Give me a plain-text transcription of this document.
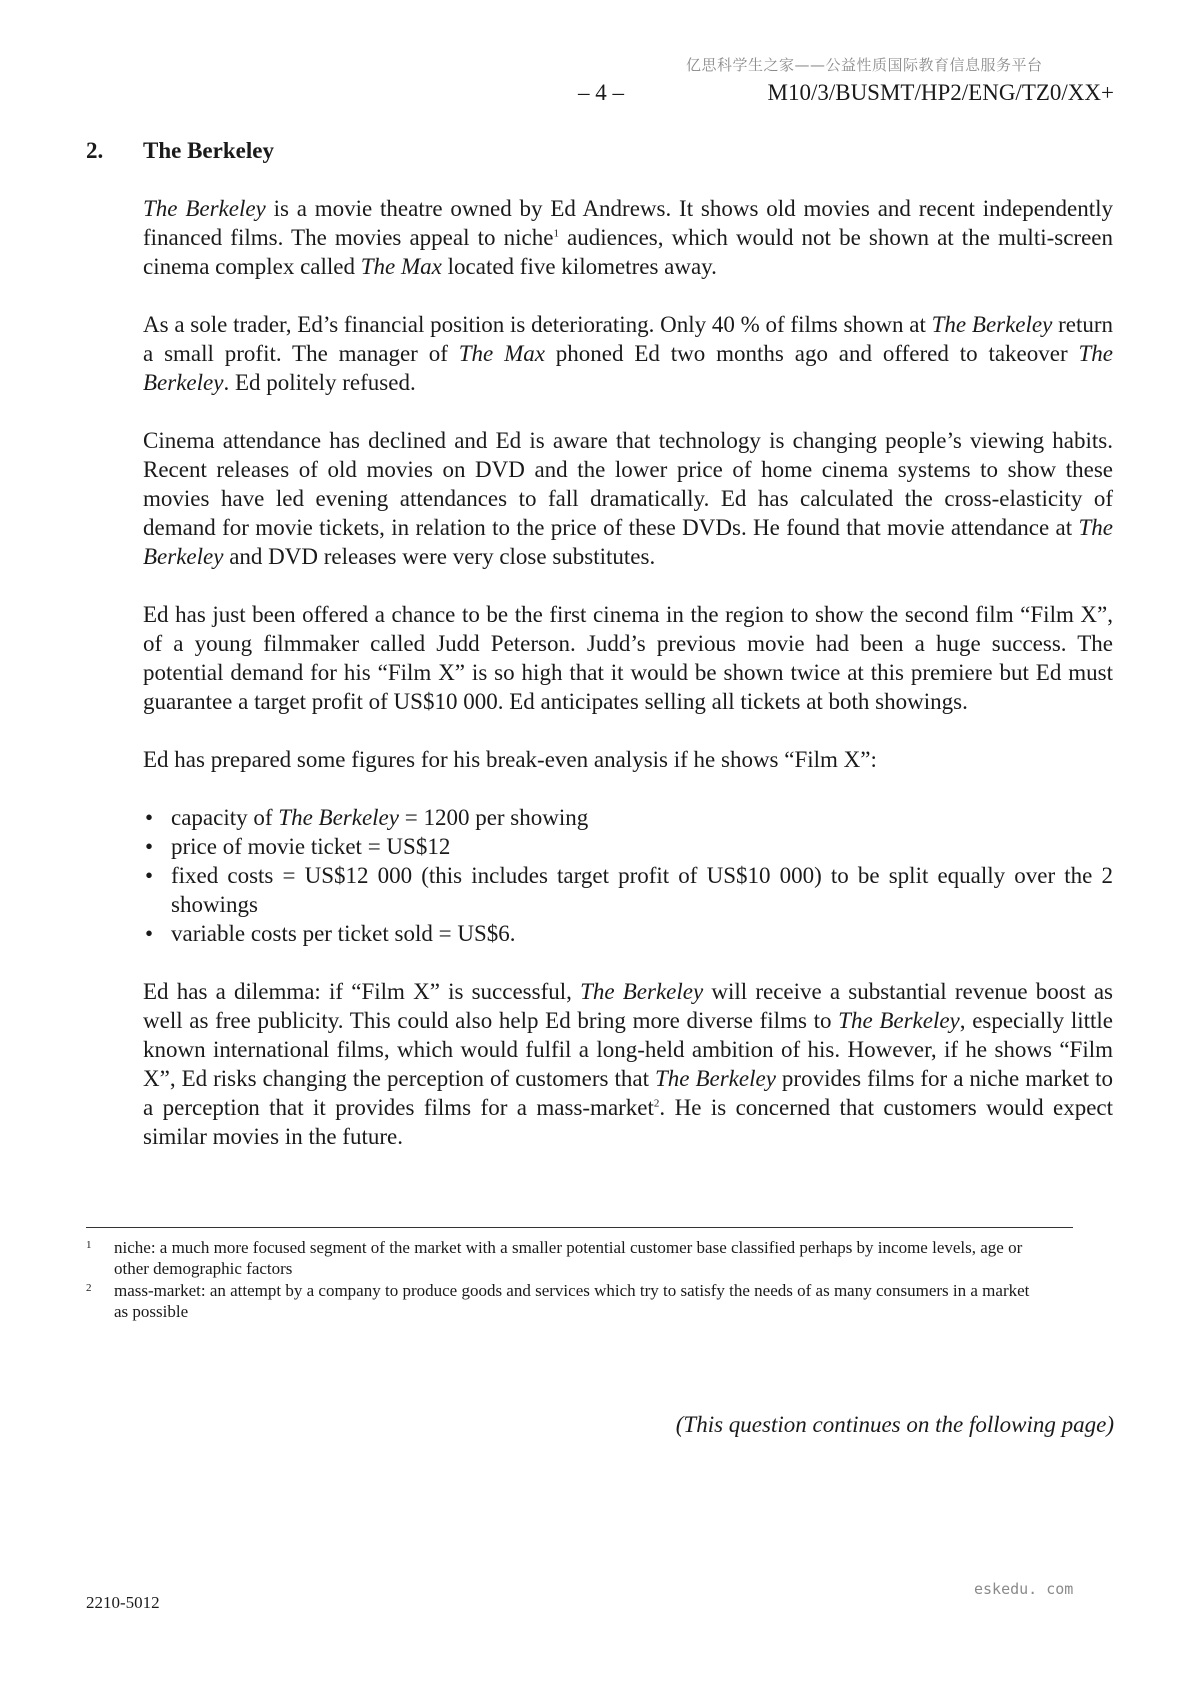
亿思科学生之家——公益性质国际教育信息服务平台
– 4 –	M10/3/BUSMT/HP2/ENG/TZ0/XX+
2. The Berkeley

The Berkeley is a movie theatre owned by Ed Andrews. It shows old movies and recent independently financed films. The movies appeal to niche$^1$ audiences, which would not be shown at the multi-screen cinema complex called The Max located five kilometres away.

As a sole trader, Ed’s financial position is deteriorating. Only 40 % of films shown at The Berkeley return a small profit. The manager of The Max phoned Ed two months ago and offered to takeover The Berkeley. Ed politely refused.

Cinema attendance has declined and Ed is aware that technology is changing people’s viewing habits. Recent releases of old movies on DVD and the lower price of home cinema systems to show these movies have led evening attendances to fall dramatically. Ed has calculated the cross-elasticity of demand for movie tickets, in relation to the price of these DVDs. He found that movie attendance at The Berkeley and DVD releases were very close substitutes.

Ed has just been offered a chance to be the first cinema in the region to show the second film “Film X”, of a young filmmaker called Judd Peterson. Judd’s previous movie had been a huge success. The potential demand for his “Film X” is so high that it would be shown twice at this premiere but Ed must guarantee a target profit of US$10 000. Ed anticipates selling all tickets at both showings.

Ed has prepared some figures for his break-even analysis if he shows “Film X”:

• capacity of The Berkeley = 1200 per showing
• price of movie ticket = US$12
• fixed costs = US$12 000 (this includes target profit of US$10 000) to be split equally over the 2 showings
• variable costs per ticket sold = US$6.

Ed has a dilemma: if “Film X” is successful, The Berkeley will receive a substantial revenue boost as well as free publicity. This could also help Ed bring more diverse films to The Berkeley, especially little known international films, which would fulfil a long-held ambition of his. However, if he shows “Film X”, Ed risks changing the perception of customers that The Berkeley provides films for a niche market to a perception that it provides films for a mass-market$^2$. He is concerned that customers would expect similar movies in the future.

1 niche: a much more focused segment of the market with a smaller potential customer base classified perhaps by income levels, age or other demographic factors
2 mass-market: an attempt by a company to produce goods and services which try to satisfy the needs of as many consumers in a market as possible
(This question continues on the following page)
2210-5012
eskedu. com
